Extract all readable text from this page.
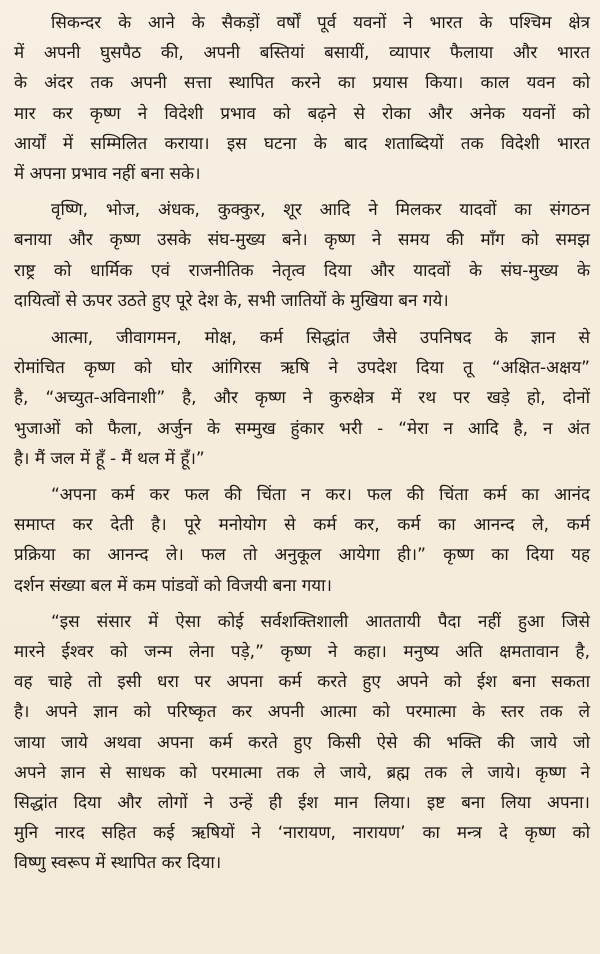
सिकन्दर के आने के सैकड़ों वर्षों पूर्व यवनों ने भारत के पश्चिम क्षेत्र
में अपनी घुसपैठ की, अपनी बस्तियां बसायीं, व्यापार फैलाया और भारत
के अंदर तक अपनी सत्ता स्थापित करने का प्रयास किया। काल यवन को
मार कर कृष्ण ने विदेशी प्रभाव को बढ़ने से रोका और अनेक यवनों को
आर्यों में सम्मिलित कराया। इस घटना के बाद शताब्दियों तक विदेशी भारत
में अपना प्रभाव नहीं बना सके।

वृष्णि, भोज, अंधक, कुक्कुर, शूर आदि ने मिलकर यादवों का संगठन
बनाया और कृष्ण उसके संघ-मुख्य बने। कृष्ण ने समय की माँग को समझ
राष्ट्र को धार्मिक एवं राजनीतिक नेतृत्व दिया और यादवों के संघ-मुख्य के
दायित्वों से ऊपर उठते हुए पूरे देश के, सभी जातियों के मुखिया बन गये।

आत्मा, जीवागमन, मोक्ष, कर्म सिद्धांत जैसे उपनिषद के ज्ञान से
रोमांचित कृष्ण को घोर आंगिरस ऋषि ने उपदेश दिया तू “अक्षित-अक्षय”
है, “अच्युत-अविनाशी” है, और कृष्ण ने कुरुक्षेत्र में रथ पर खड़े हो, दोनों
भुजाओं को फैला, अर्जुन के सम्मुख हुंकार भरी - “मेरा न आदि है, न अंत
है। मैं जल में हूँ - मैं थल में हूँ।”

“अपना कर्म कर फल की चिंता न कर। फल की चिंता कर्म का आनंद
समाप्त कर देती है। पूरे मनोयोग से कर्म कर, कर्म का आनन्द ले, कर्म
प्रक्रिया का आनन्द ले। फल तो अनुकूल आयेगा ही।” कृष्ण का दिया यह
दर्शन संख्या बल में कम पांडवों को विजयी बना गया।

“इस संसार में ऐसा कोई सर्वशक्तिशाली आततायी पैदा नहीं हुआ जिसे
मारने ईश्वर को जन्म लेना पड़े,” कृष्ण ने कहा। मनुष्य अति क्षमतावान है,
वह चाहे तो इसी धरा पर अपना कर्म करते हुए अपने को ईश बना सकता
है। अपने ज्ञान को परिष्कृत कर अपनी आत्मा को परमात्मा के स्तर तक ले
जाया जाये अथवा अपना कर्म करते हुए किसी ऐसे की भक्ति की जाये जो
अपने ज्ञान से साधक को परमात्मा तक ले जाये, ब्रह्म तक ले जाये। कृष्ण ने
सिद्धांत दिया और लोगों ने उन्हें ही ईश मान लिया। इष्ट बना लिया अपना।
मुनि नारद सहित कई ऋषियों ने ‘नारायण, नारायण’ का मन्त्र दे कृष्ण को
विष्णु स्वरूप में स्थापित कर दिया।
